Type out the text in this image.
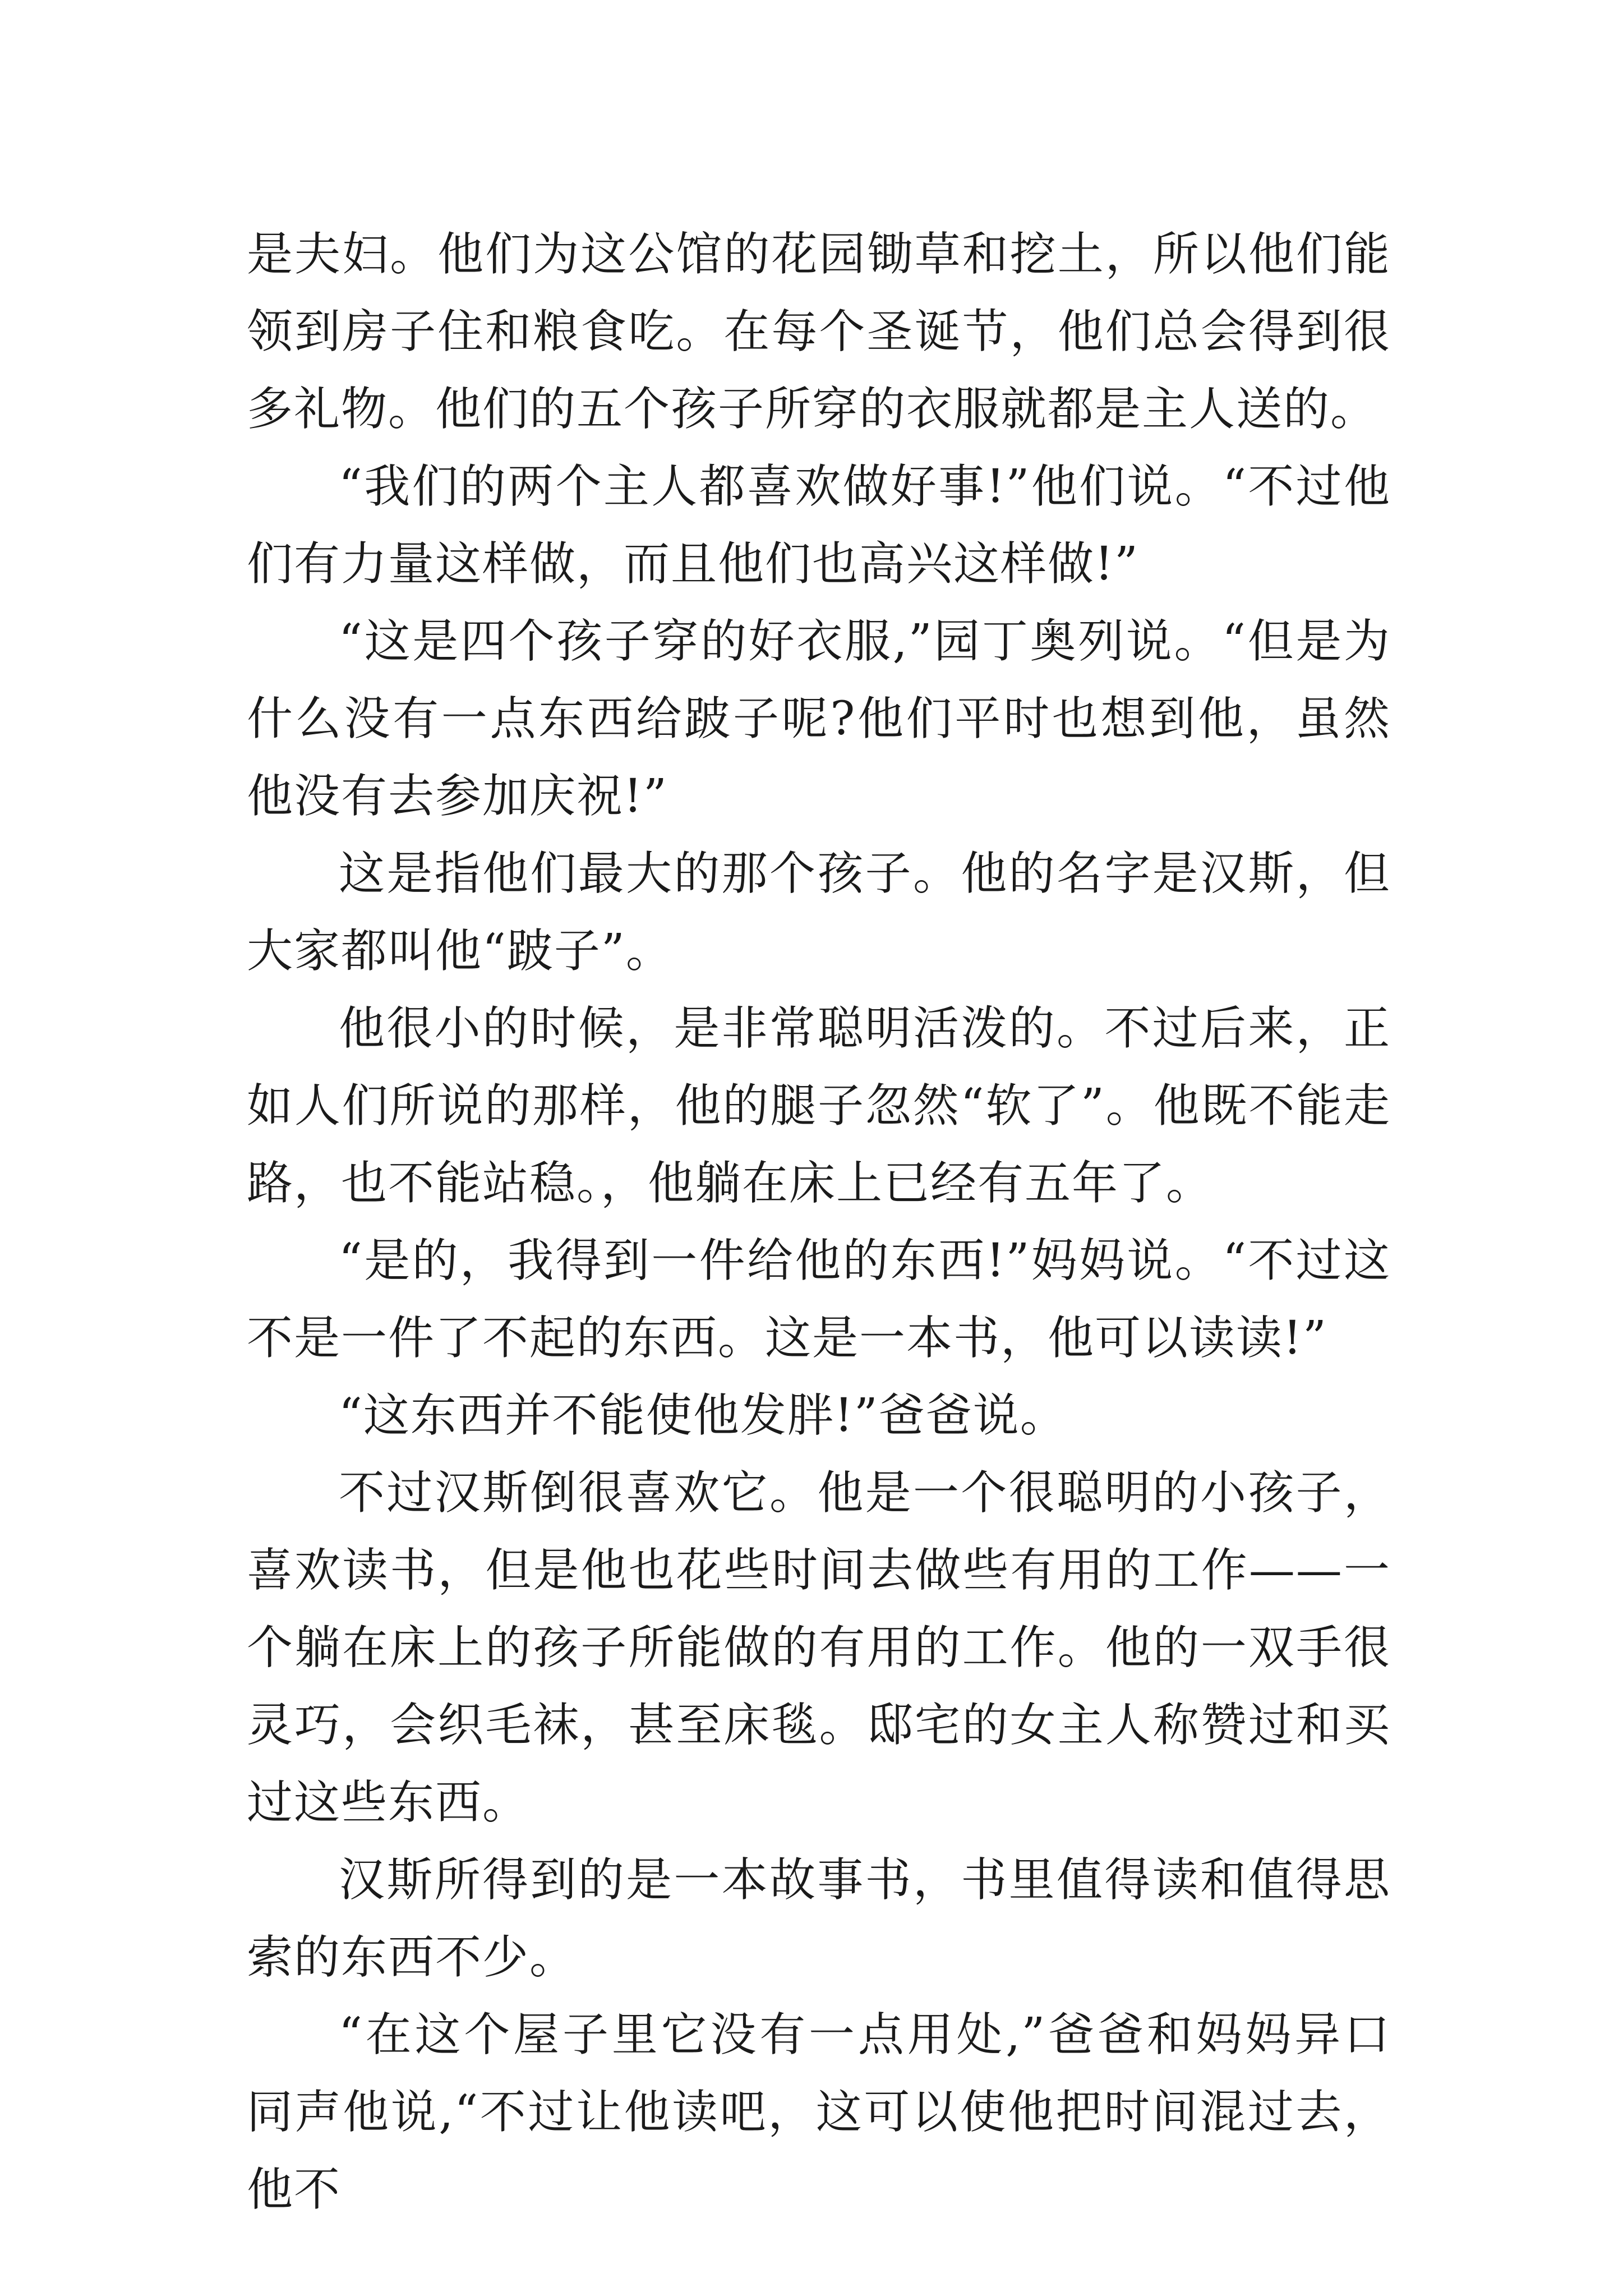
是夫妇。他们为这公馆的花园锄草和挖土，所以他们能领到房子住和粮食吃。在每个圣诞节，他们总会得到很多礼物。他们的五个孩子所穿的衣服就都是主人送的。

“我们的两个主人都喜欢做好事!”他们说。“不过他们有力量这样做，而且他们也高兴这样做!”

“这是四个孩子穿的好衣服,”园丁奥列说。“但是为什么没有一点东西给跛子呢?他们平时也想到他，虽然他没有去参加庆祝!”

这是指他们最大的那个孩子。他的名字是汉斯，但大家都叫他“跛子”。

他很小的时候，是非常聪明活泼的。不过后来，正如人们所说的那样，他的腿子忽然“软了”。他既不能走路，也不能站稳。，他躺在床上已经有五年了。

“是的，我得到一件给他的东西!”妈妈说。“不过这不是一件了不起的东西。这是一本书，他可以读读!”

“这东西并不能使他发胖!”爸爸说。

不过汉斯倒很喜欢它。他是一个很聪明的小孩子，喜欢读书，但是他也花些时间去做些有用的工作——一个躺在床上的孩子所能做的有用的工作。他的一双手很灵巧，会织毛袜，甚至床毯。邸宅的女主人称赞过和买过这些东西。

汉斯所得到的是一本故事书，书里值得读和值得思索的东西不少。

“在这个屋子里它没有一点用处,”爸爸和妈妈异口同声他说,“不过让他读吧，这可以使他把时间混过去，他不
